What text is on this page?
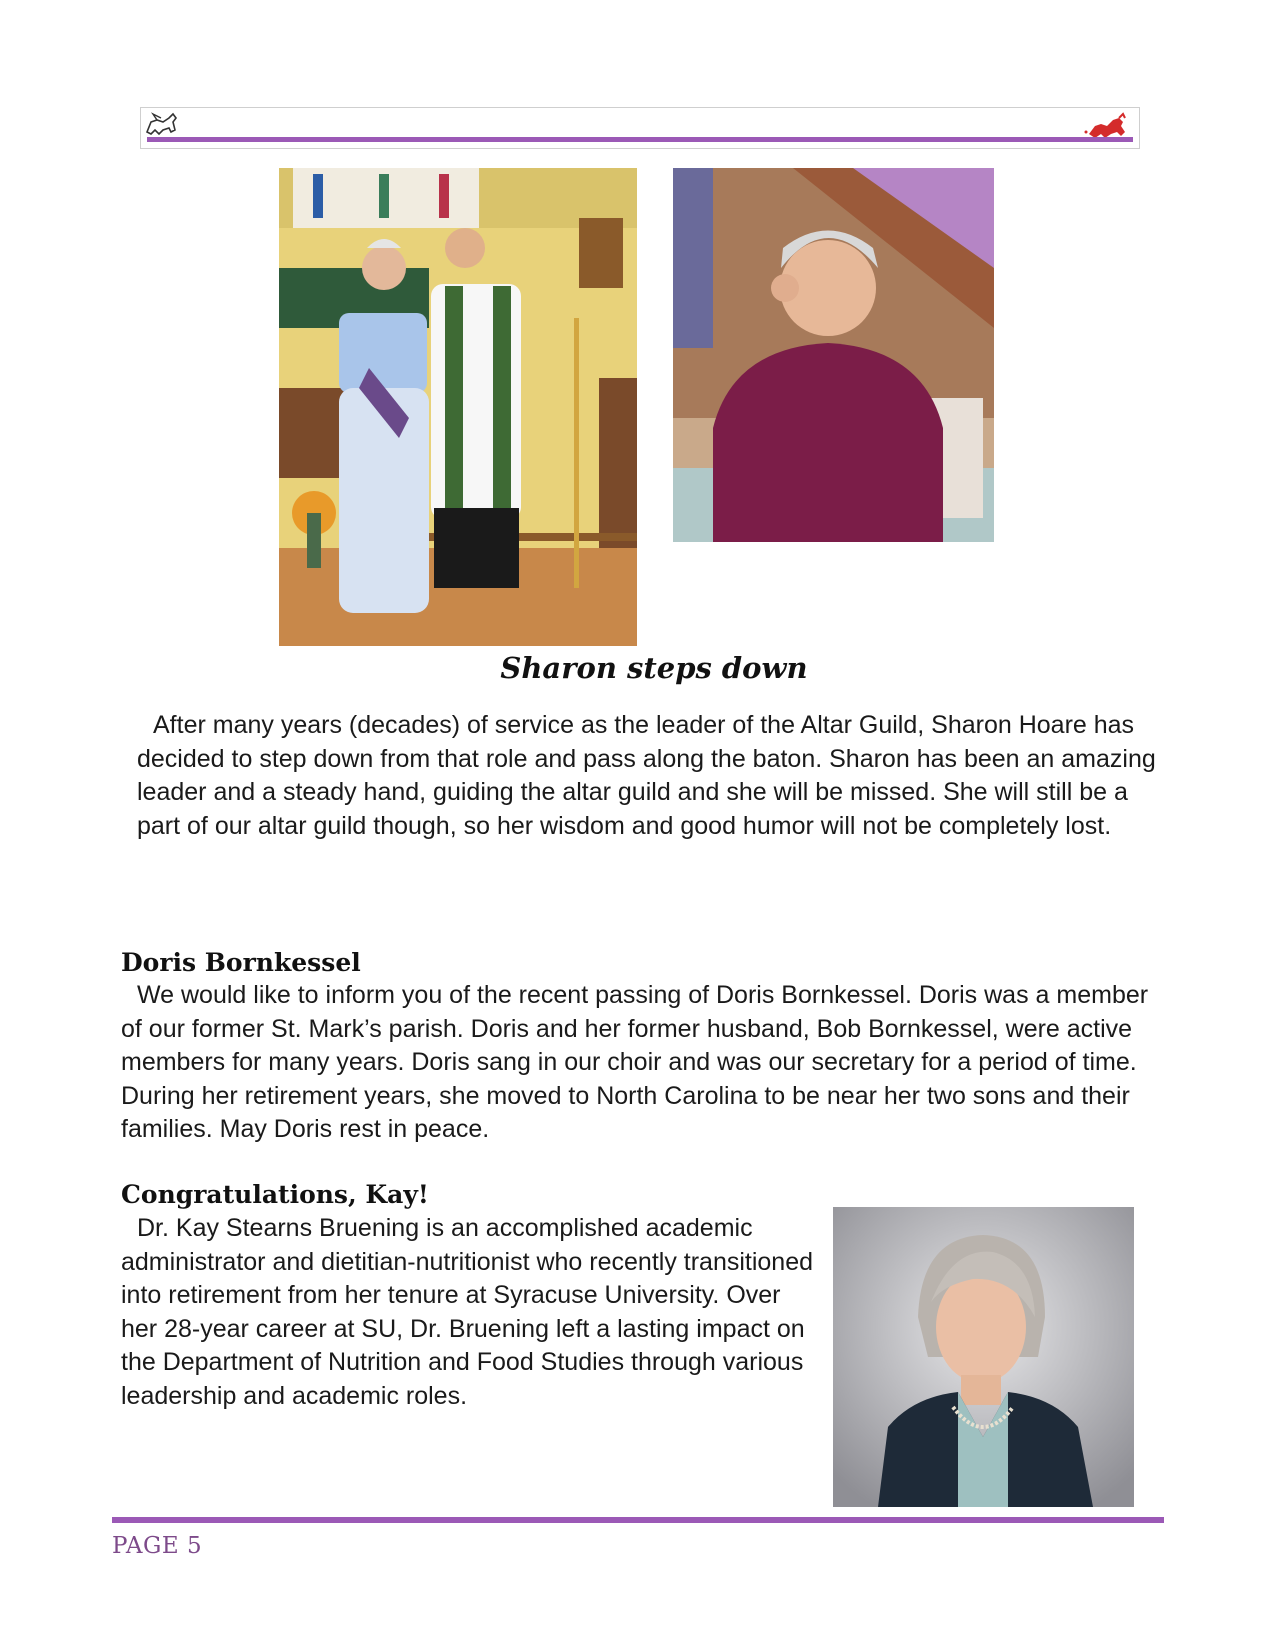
Sharon steps down

After many years (decades) of service as the leader of the Altar Guild, Sharon Hoare has decided to step down from that role and pass along the baton. Sharon has been an amazing leader and a steady hand, guiding the altar guild and she will be missed. She will still be a part of our altar guild though, so her wisdom and good humor will not be completely lost.

Doris Bornkessel

We would like to inform you of the recent passing of Doris Bornkessel. Doris was a member of our former St. Mark’s parish. Doris and her former husband, Bob Bornkessel, were active members for many years. Doris sang in our choir and was our secretary for a period of time. During her retirement years, she moved to North Carolina to be near her two sons and their families. May Doris rest in peace.

Congratulations, Kay!

Dr. Kay Stearns Bruening is an accomplished academic administrator and dietitian-nutritionist who recently transitioned into retirement from her tenure at Syracuse University. Over her 28-year career at SU, Dr. Bruening left a lasting impact on the Department of Nutrition and Food Studies through various leadership and academic roles.

PAGE 5
